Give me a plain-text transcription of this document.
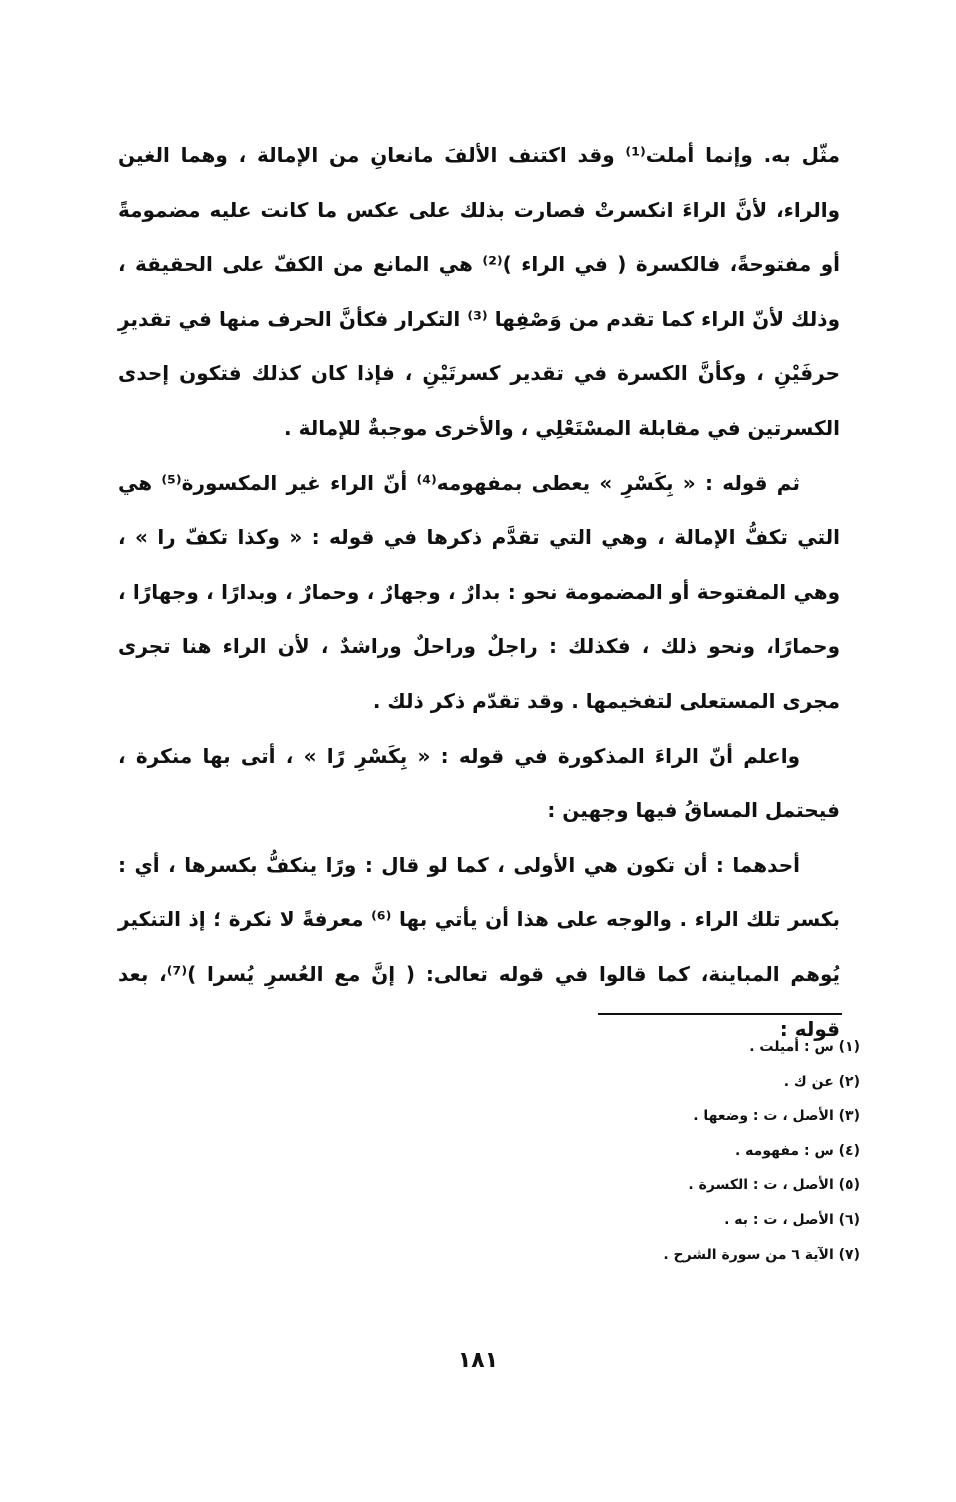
مثّل به. وإنما أملت⁽¹⁾ وقد اكتنف الألفَ مانعانِ من الإمالة ، وهما الغين والراء، لأنَّ الراءَ انكسرتْ فصارت بذلك على عكس ما كانت عليه مضمومةً أو مفتوحةً، فالكسرة ( في الراء )⁽²⁾ هي المانع من الكفّ على الحقيقة ، وذلك لأنّ الراء كما تقدم من وَصْفِها ⁽³⁾ التكرار فكأنَّ الحرف منها في تقديرِ حرفَيْنِ ، وكأنَّ الكسرة في تقدير كسرتَيْنِ ، فإذا كان كذلك فتكون إحدى الكسرتين في مقابلة المسْتَعْلِي ، والأخرى موجبةٌ للإمالة .

ثم قوله : « بِكَسْرِ » يعطى بمفهومه⁽⁴⁾ أنّ الراء غير المكسورة⁽⁵⁾ هي التي تكفُّ الإمالة ، وهي التي تقدَّم ذكرها في قوله : « وكذا تكفّ را » ، وهي المفتوحة أو المضمومة نحو : بدارٌ ، وجهارٌ ، وحمارٌ ، وبدارًا ، وجهارًا ، وحمارًا، ونحو ذلك ، فكذلك : راجلٌ وراحلٌ وراشدٌ ، لأن الراء هنا تجرى مجرى المستعلى لتفخيمها . وقد تقدّم ذكر ذلك .

واعلم أنّ الراءَ المذكورة في قوله : « بِكَسْرِ رًا » ، أتى بها منكرة ، فيحتمل المساقُ فيها وجهين :

أحدهما : أن تكون هي الأولى ، كما لو قال : ورًا ينكفُّ بكسرها ، أي : بكسر تلك الراء . والوجه على هذا أن يأتي بها ⁽⁶⁾ معرفةً لا نكرة ؛ إذ التنكير يُوهم المباينة، كما قالوا في قوله تعالى: ( إنَّ مع العُسرِ يُسرا )⁽⁷⁾، بعد قوله :

(١) س : أميلت .
(٢) عن ك .
(٣) الأصل ، ت : وضعها .
(٤) س : مفهومه .
(٥) الأصل ، ت : الكسرة .
(٦) الأصل ، ت : به .
(٧) الآية ٦ من سورة الشرح .
١٨١
